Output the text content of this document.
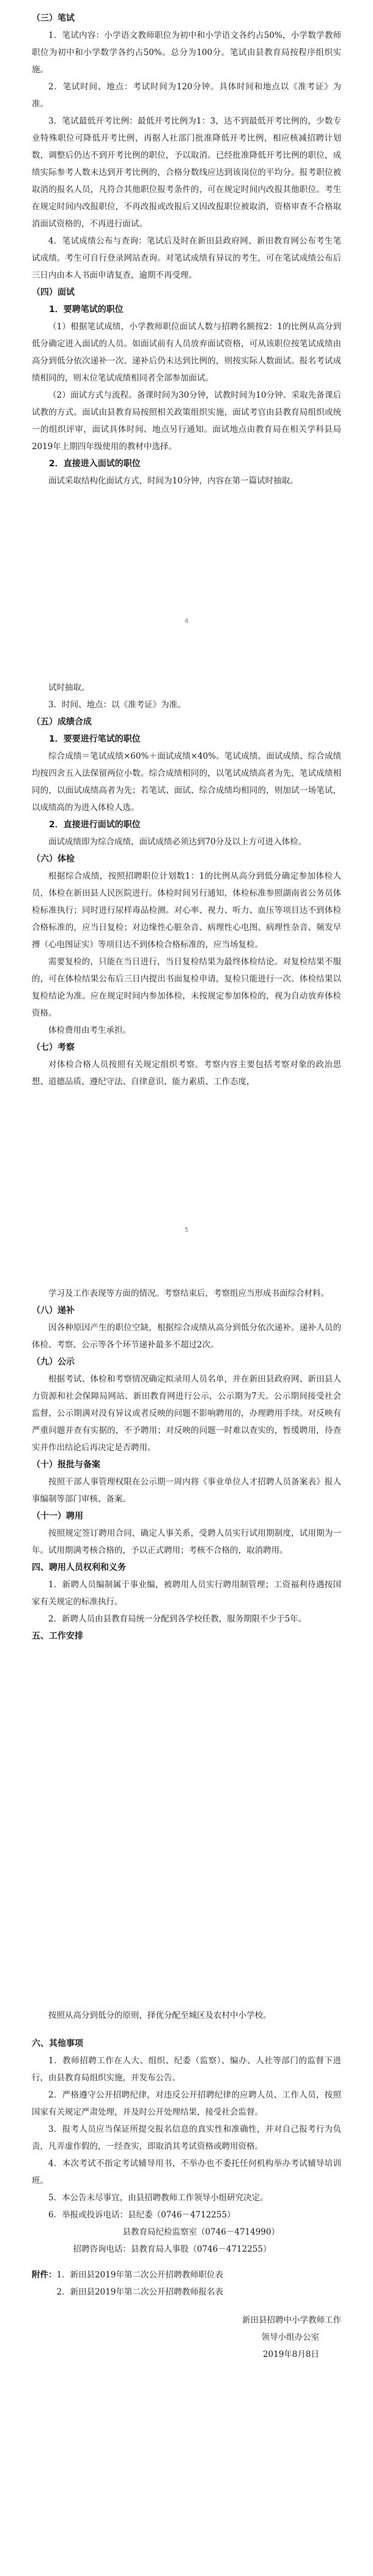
（三）笔试

1．笔试内容：小学语文教师职位为初中和小学语文各约占50%，小学数学教师职位为初中和小学数学各约占50%。总分为100分。笔试由县教育局按程序组织实施。

2．笔试时间、地点：考试时间为120分钟。具体时间和地点以《准考证》为准。

3．笔试最低开考比例：最低开考比例为1：3，达不到最低开考比例的，少数专业特殊职位可降低开考比例，再据人社部门批准降低开考比例，相应核减招聘计划数，调整后仍达不到开考比例的职位，予以取消。已经批准降低开考比例的职位，成绩实际参考人数未达到开考比例的，合格分数线应达到该岗位的平均分。报考职位被取消的报名人员，凡符合其他职位报考条件的，可在规定时间内改报其他职位。考生在规定时间内改报职位，不再改报或改报后又因改报职位被取消，资格审查不合格取消面试资格的，不再进行面试。

4．笔试成绩公布与查询：笔试后及时在新田县政府网、新田教育网公布考生笔试成绩。考生可自行登录网站查询。对笔试成绩有异议的考生，可在笔试成绩公布后三日内由本人书面申请复查，逾期不再受理。

（四）面试

1．要聘笔试的职位

（1）根据笔试成绩，小学教师职位面试人数与招聘名额按2：1的比例从高分到低分确定进入面试的人员。如面试前有人员放弃面试资格，可从该职位按笔试成绩由高分到低分依次递补一次。递补后仍未达到比例的，则按实际人数面试。报名考试成绩相同的，则末位笔试成绩相同者全部参加面试。

（2）面试方式与流程。备课时间为30分钟，试教时间为10分钟。采取先备课后试教的方式。面试由县教育局按照相关政策组织实施，面试考官由县教育局组织或统一的组织评审，面试具体时间、地点另行通知。面试地点由教育局在相关学科县局2019年上期四年级使用的教材中选择。

2．直接进入面试的职位

面试采取结构化面试方式，时间为10分钟，内容在第一篇试时抽取。

4

试时抽取。

3．时间、地点：以《准考证》为准。

（五）成绩合成

1．要要进行笔试的职位

综合成绩＝笔试成绩×60%＋面试成绩×40%。笔试成绩、面试成绩、综合成绩均按四舍五入法保留两位小数。综合成绩相同的，以笔试成绩高者为先，笔试成绩相同的，以面试成绩高者为先；若笔试、面试、综合成绩均相同的，则加试一场笔试，以成绩高的为进入体检人选。

2．直接进行面试的职位

面试成绩即为综合成绩，面试成绩必须达到70分及以上方可进入体检。

（六）体检

根据综合成绩，按照招聘职位计划数1：1的比例从高分到低分确定参加体检人员，体检在新田县人民医院进行。体检时间另行通知，体检标准参照湖南省公务员体检标准执行；同时进行尿样毒品检测。对心率、视力、听力、血压等项目达不到体检合格标准的，应当日复检；对边缘性心脏杂音、病理性心电图、病理性杂音、频发早搏（心电图证实）等项目达不到体检合格标准的，应当场复检。

需要复检的，只能在当日进行，当日复检结果为最终体检结论。对复检结果不服的，可在体检结果公布后三日内提出书面复检申请，复检只能进行一次。体检结果以复检结论为准。应在规定时间内参加体检，未按规定参加体检的，视为自动放弃体检资格。

体检费用由考生承担。

（七）考察

对体检合格人员按照有关规定组织考察。考察内容主要包括考察对象的政治思想、道德品质、遵纪守法、自律意识、能力素质、工作态度，

5

学习及工作表现等方面的情况。考察结束后，考察组应当形成书面综合材料。

（八）递补

因各种原因产生的职位空缺，根据综合成绩从高分到低分依次递补。递补人员的体检、考察、公示等各个环节递补最多不超过2次。

（九）公示

根据考试、体检和考察情况确定拟录用人员名单，并在新田县政府网、新田县人力资源和社会保障局网站、新田教育网进行公示，公示期为7天。公示期间接受社会监督，公示期满对没有异议或者反映的问题不影响聘用的，办理聘用手续。对反映有严重问题并查有实据的，不予聘用；对反映的问题一时难以查实的，暂缓聘用，待查实并作出结论后再决定是否聘用。

（十）报批与备案

按照干部人事管理权限在公示期一周内将《事业单位人才招聘人员备案表》报人事编制等部门审核、备案。

（十一）聘用

按照规定签订聘用合同，确定人事关系，受聘人员实行试用期制度，试用期为一年。试用期满考核合格的，予以正式聘用；考核不合格的，取消聘用。

四、聘用人员权利和义务

1．新聘人员编制属于事业编，被聘用人员实行聘用制管理；工资福利待遇按国家有关规定的标准执行。

2．新聘人员由县教育局统一分配到各学校任教，服务期限不少于5年。

五、工作安排

按照从高分到低分的原则，择优分配至城区及农村中小学校。

六、其他事项

1．教师招聘工作在人大、组织、纪委（监察）、编办、人社等部门的监督下进行，由县教育局组织实施，并发布公告。

2．严格遵守公开招聘纪律，对违反公开招聘纪律的应聘人员、工作人员，按照国家有关规定严肃处理，并及时公开处理结果，接受社会监督。

3．报考人员应当保证所提交报名信息的真实性和准确性，并对自己报考行为负责，凡弄虚作假的，一经查实，即取消其考试资格或聘用资格。

4．本次考试不指定考试辅导用书，不举办也不委托任何机构举办考试辅导培训班。

5．本公告未尽事宜，由县招聘教师工作领导小组研究决定。

6．举报或投诉电话：县纪委（0746－4712255）

县教育局纪检监察室（0746－4714990）

招聘咨询电话：县教育局人事股（0746－4712255）

附件：1．新田县2019年第二次公开招聘教师职位表

2．新田县2019年第二次公开招聘教师报名表

新田县招聘中小学教师工作

领导小组办公室

2019年8月8日
